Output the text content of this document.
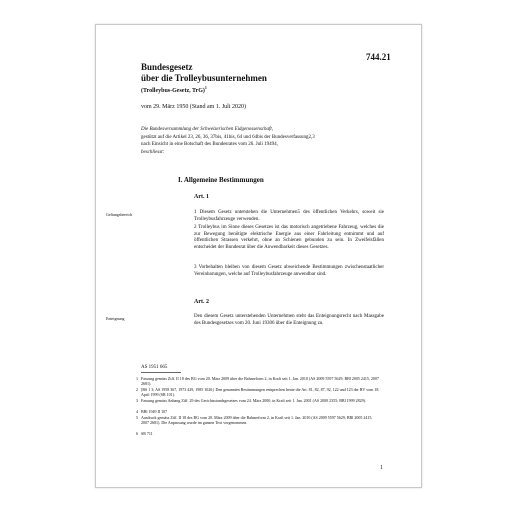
744.21
Bundesgesetz
über die Trolleybusunternehmen
(Trolleybus-Gesetz, TrG)$^1$
vom 29. März 1950 (Stand am 1. Juli 2020)
Die Bundesversammlung der Schweizerischen Eidgenossenschaft,
gestützt auf die Artikel 23, 26, 36, 37bis, 41bis, 64 und 64bis der Bundesverfassung2,3
nach Einsicht in eine Botschaft des Bundesrates vom 26. Juli 19494,
beschliesst:
I. Allgemeine Bestimmungen
Art. 1
Geltungsbereich	1 Diesem Gesetz unterstehen die Unternehmen5 des öffentlichen Verkehrs, soweit sie Trolleybusfahrzeuge verwenden.
2 Trolleybus im Sinne dieses Gesetzes ist das motorisch angetriebene Fahrzeug, welches die zur Bewegung benötigte elektrische Energie aus einer Fahrleitung entnimmt und auf öffentlichen Strassen verkehrt, ohne an Schienen gebunden zu sein. In Zweifelsfällen entscheidet der Bundesrat über die Anwendbarkeit dieses Gesetzes.
3 Vorbehalten bleiben von diesem Gesetz abweichende Bestimmungen zwischenstaatlicher Vereinbarungen, welche auf Trolleybusfahrzeuge anwendbar sind.
Art. 2
Enteignung	Den diesem Gesetz unterstehenden Unternehmen steht das Enteignungsrecht nach Massgabe des Bundesgesetzes vom 20. Juni 19306 über die Enteignung zu.
AS 1951 665
1 Fassung gemäss Ziff. II 18 des BG vom 20. März 2009 über die Bahnreform 2, in Kraft seit 1. Jan. 2010 (AS 2009 5597 5629; BBl 2005 2415, 2007 2681).
2 [BS 1 3; AS 1958 367, 1973 429, 1985 1026]. Den genannten Bestimmungen entsprechen heute die Art. 81, 82, 87, 92, 122 und 123 der BV vom 18. April 1999 (SR 101).
3 Fassung gemäss Anhang Ziff. 29 des Gerichtsstandsgesetzes vom 24. März 2000, in Kraft seit 1. Jan. 2001 (AS 2000 2355; BBl 1999 2829).
4 BBl 1949 II 107
5 Ausdruck gemäss Ziff. II 18 des BG vom 20. März 2009 über die Bahnreform 2, in Kraft seit 1. Jan. 2010 (AS 2009 5597 5629; BBl 2005 2415, 2007 2681). Die Anpassung wurde im ganzen Text vorgenommen.
6 SR 711
1
